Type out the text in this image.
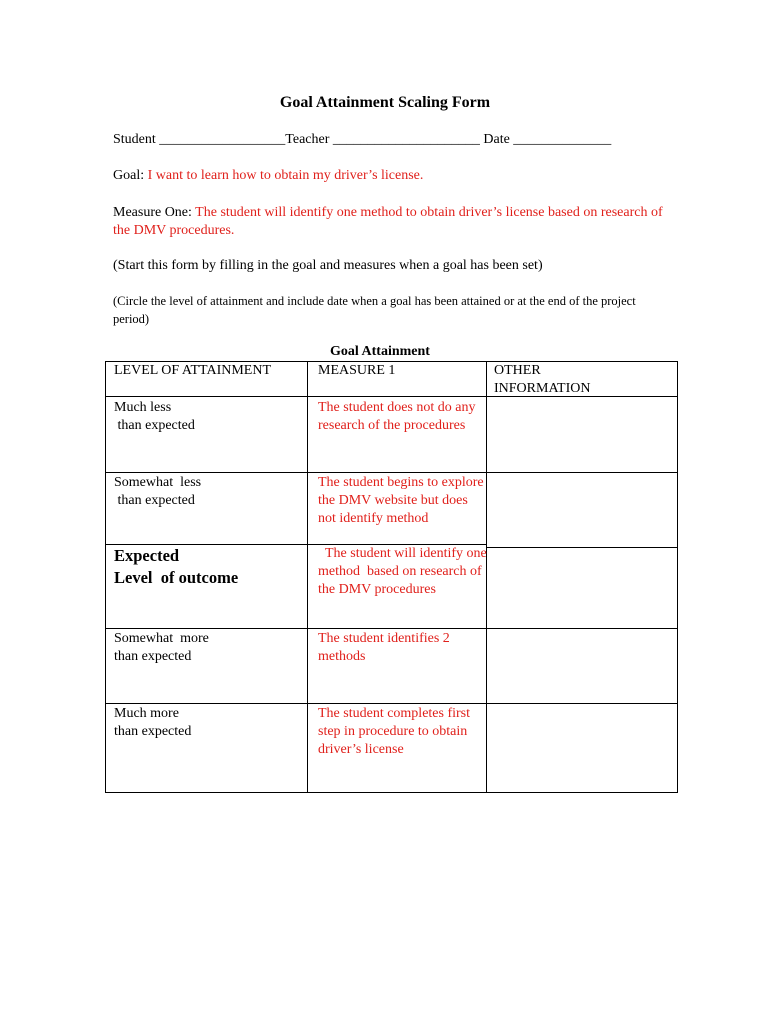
Goal Attainment Scaling Form
Student __________________Teacher _____________________ Date ______________
Goal: I want to learn how to obtain my driver’s license.
Measure One: The student will identify one method to obtain driver’s license based on research of the DMV procedures.
(Start this form by filling in the goal and measures when a goal has been set)
(Circle the level of attainment and include date when a goal has been attained or at the end of the project period)
Goal Attainment
LEVEL OF ATTAINMENT	MEASURE 1	OTHER
INFORMATION
Much less
than expected
The student does not do any research of the procedures
Somewhat  less
than expected
The student begins to explore the DMV website but does not identify method
Expected
Level  of outcome
The student will identify one method  based on research of the DMV procedures
Somewhat  more
than expected
The student identifies 2 methods
Much more
than expected
The student completes first step in procedure to obtain driver’s license
